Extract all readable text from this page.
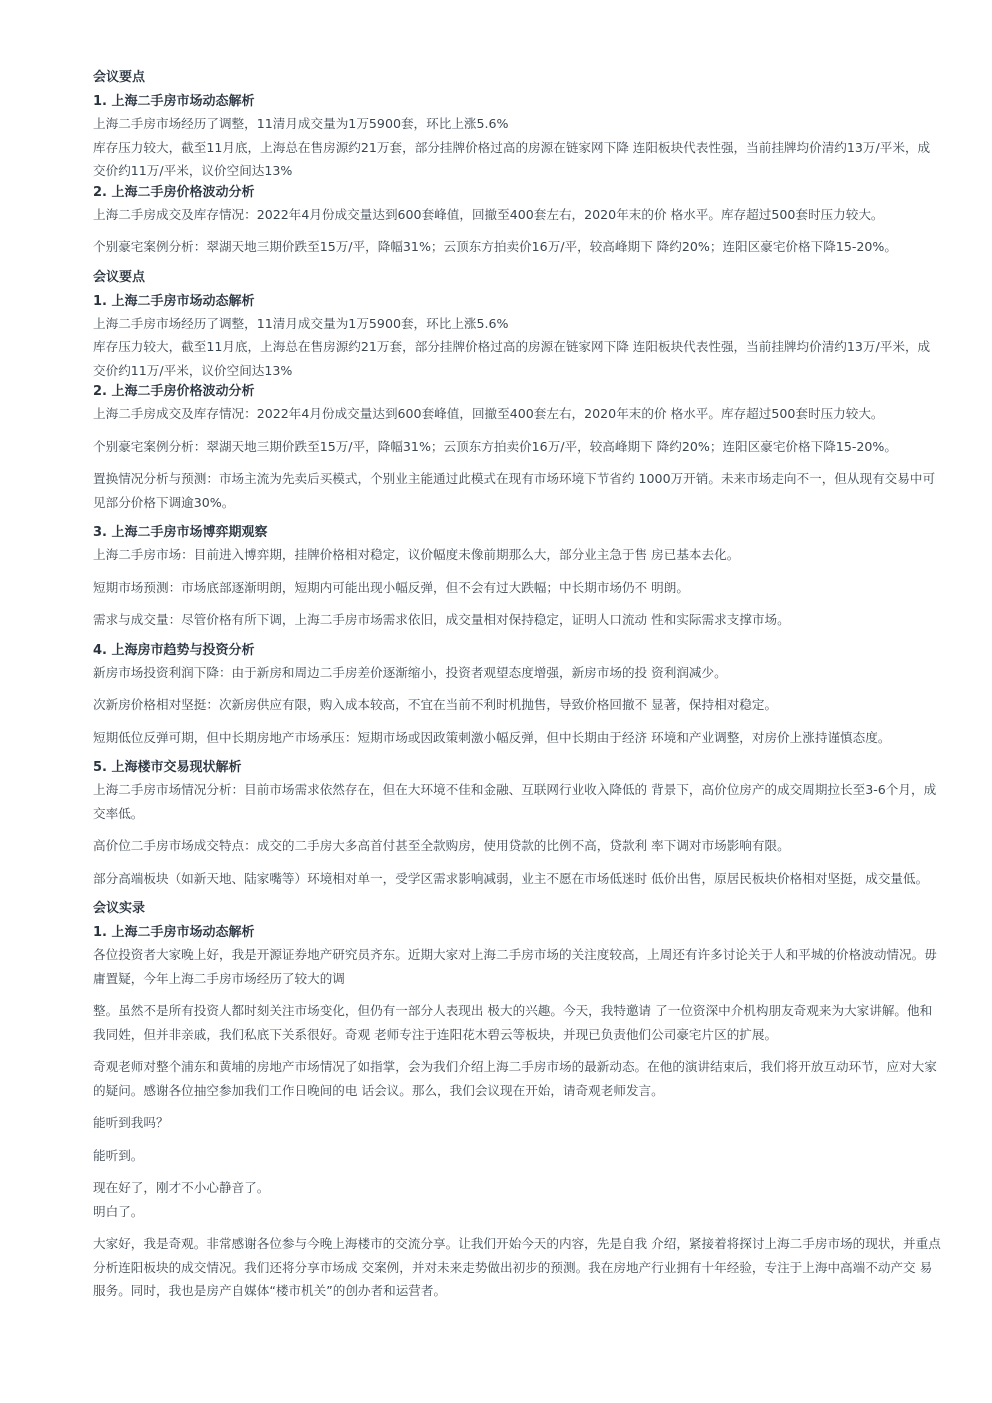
会议要点
1. 上海二手房市场动态解析
上海二手房市场经历了调整，11清月成交量为1万5900套，环比上涨5.6%
库存压力较大，截至11月底，上海总在售房源约21万套，部分挂牌价格过高的房源在链家网下降 连阳板块代表性强，当前挂牌均价清约13万/平米，成交价约11万/平米，议价空间达13%
2. 上海二手房价格波动分析
上海二手房成交及库存情况：2022年4月份成交量达到600套峰值，回撤至400套左右，2020年末的价 格水平。库存超过500套时压力较大。
个别豪宅案例分析：翠湖天地三期价跌至15万/平，降幅31%；云顶东方拍卖价16万/平，较高峰期下 降约20%；连阳区豪宅价格下降15-20%。
会议要点
1. 上海二手房市场动态解析
上海二手房市场经历了调整，11清月成交量为1万5900套，环比上涨5.6%
库存压力较大，截至11月底，上海总在售房源约21万套，部分挂牌价格过高的房源在链家网下降 连阳板块代表性强，当前挂牌均价清约13万/平米，成交价约11万/平米，议价空间达13%
2. 上海二手房价格波动分析
上海二手房成交及库存情况：2022年4月份成交量达到600套峰值，回撤至400套左右，2020年末的价 格水平。库存超过500套时压力较大。
个别豪宅案例分析：翠湖天地三期价跌至15万/平，降幅31%；云顶东方拍卖价16万/平，较高峰期下 降约20%；连阳区豪宅价格下降15-20%。
置换情况分析与预测：市场主流为先卖后买模式，个别业主能通过此模式在现有市场环境下节省约 1000万开销。未来市场走向不一，但从现有交易中可见部分价格下调逾30%。
3. 上海二手房市场博弈期观察
上海二手房市场：目前进入博弈期，挂牌价格相对稳定，议价幅度未像前期那么大，部分业主急于售 房已基本去化。
短期市场预测：市场底部逐渐明朗，短期内可能出现小幅反弹，但不会有过大跌幅；中长期市场仍不 明朗。
需求与成交量：尽管价格有所下调，上海二手房市场需求依旧，成交量相对保持稳定，证明人口流动 性和实际需求支撑市场。
4. 上海房市趋势与投资分析
新房市场投资利润下降：由于新房和周边二手房差价逐渐缩小，投资者观望态度增强，新房市场的投 资利润减少。
次新房价格相对坚挺：次新房供应有限，购入成本较高，不宜在当前不利时机抛售，导致价格回撤不 显著，保持相对稳定。
短期低位反弹可期，但中长期房地产市场承压：短期市场或因政策刺激小幅反弹，但中长期由于经济 环境和产业调整，对房价上涨持谨慎态度。
5. 上海楼市交易现状解析
上海二手房市场情况分析：目前市场需求依然存在，但在大环境不佳和金融、互联网行业收入降低的 背景下，高价位房产的成交周期拉长至3-6个月，成交率低。
高价位二手房市场成交特点：成交的二手房大多高首付甚至全款购房，使用贷款的比例不高，贷款利 率下调对市场影响有限。
部分高端板块（如新天地、陆家嘴等）环境相对单一，受学区需求影响减弱，业主不愿在市场低迷时 低价出售，原居民板块价格相对坚挺，成交量低。
会议实录
1. 上海二手房市场动态解析
各位投资者大家晚上好，我是开源证券地产研究员齐东。近期大家对上海二手房市场的关注度较高，上周还有许多讨论关于人和平城的价格波动情况。毋庸置疑，今年上海二手房市场经历了较大的调
整。虽然不是所有投资人都时刻关注市场变化，但仍有一部分人表现出 极大的兴趣。今天，我特邀请 了一位资深中介机构朋友奇观来为大家讲解。他和我同姓，但并非亲戚，我们私底下关系很好。奇观 老师专注于连阳花木碧云等板块，并现已负责他们公司豪宅片区的扩展。
奇观老师对整个浦东和黄埔的房地产市场情况了如指掌，会为我们介绍上海二手房市场的最新动态。在他的演讲结束后，我们将开放互动环节，应对大家的疑问。感谢各位抽空参加我们工作日晚间的电 话会议。那么，我们会议现在开始，请奇观老师发言。
能听到我吗？
能听到。
现在好了，刚才不小心静音了。
明白了。
大家好，我是奇观。非常感谢各位参与今晚上海楼市的交流分享。让我们开始今天的内容，先是自我 介绍，紧接着将探讨上海二手房市场的现状，并重点分析连阳板块的成交情况。我们还将分享市场成 交案例，并对未来走势做出初步的预测。我在房地产行业拥有十年经验，专注于上海中高端不动产交 易服务。同时，我也是房产自媒体“楼市机关”的创办者和运营者。
